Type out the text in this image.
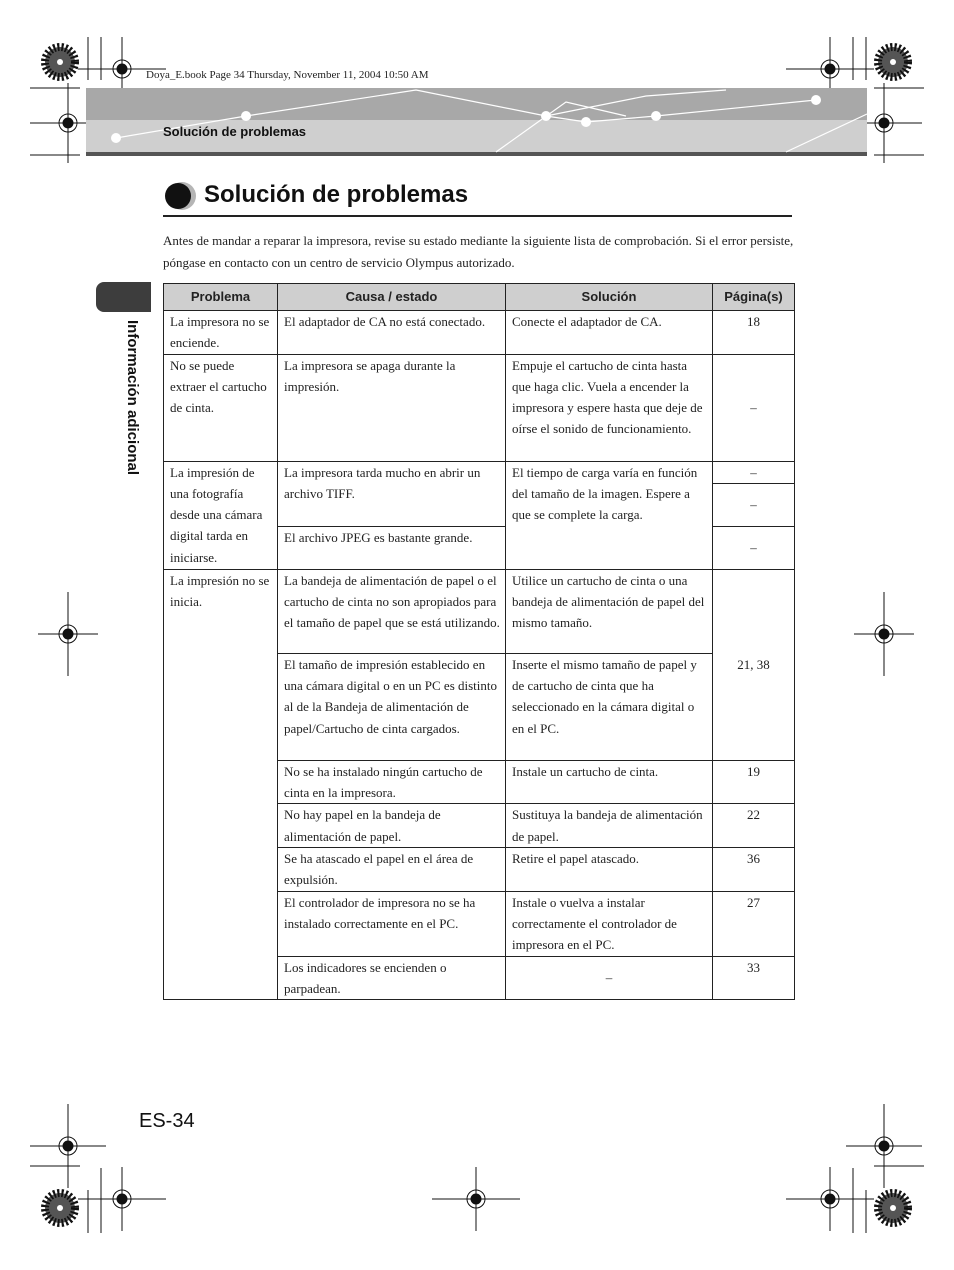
Doya_E.book Page 34 Thursday, November 11, 2004 10:50 AM
Solución de problemas
Solución de problemas
Antes de mandar a reparar la impresora, revise su estado mediante la siguiente lista de comprobación. Si el error persiste, póngase en contacto con un centro de servicio Olympus autorizado.
Información adicional
Problema	Causa / estado	Solución	Página(s)
La impresora no se enciende.	El adaptador de CA no está conectado.	Conecte el adaptador de CA.	18
No se puede extraer el cartucho de cinta.	La impresora se apaga durante la impresión.	Empuje el cartucho de cinta hasta que haga clic. Vuela a encender la impresora y espere hasta que deje de oírse el sonido de funcionamiento.	–
La impresión de una fotografía desde una cámara digital tarda en iniciarse.	La impresora tarda mucho en abrir un archivo TIFF.	El tiempo de carga varía en función del tamaño de la imagen. Espere a que se complete la carga.	–
			–
	El archivo JPEG es bastante grande.		–
La impresión no se inicia.	La bandeja de alimentación de papel o el cartucho de cinta no son apropiados para el tamaño de papel que se está utilizando.	Utilice un cartucho de cinta o una bandeja de alimentación de papel del mismo tamaño.	21, 38
	El tamaño de impresión establecido en una cámara digital o en un PC es distinto al de la Bandeja de alimentación de papel/Cartucho de cinta cargados.	Inserte el mismo tamaño de papel y de cartucho de cinta que ha seleccionado en la cámara digital o en el PC.	
	No se ha instalado ningún cartucho de cinta en la impresora.	Instale un cartucho de cinta.	19
	No hay papel en la bandeja de alimentación de papel.	Sustituya la bandeja de alimentación de papel.	22
	Se ha atascado el papel en el área de expulsión.	Retire el papel atascado.	36
	El controlador de impresora no se ha instalado correctamente en el PC.	Instale o vuelva a instalar correctamente el controlador de impresora en el PC.	27
	Los indicadores se encienden o parpadean.	–	33
ES-34
